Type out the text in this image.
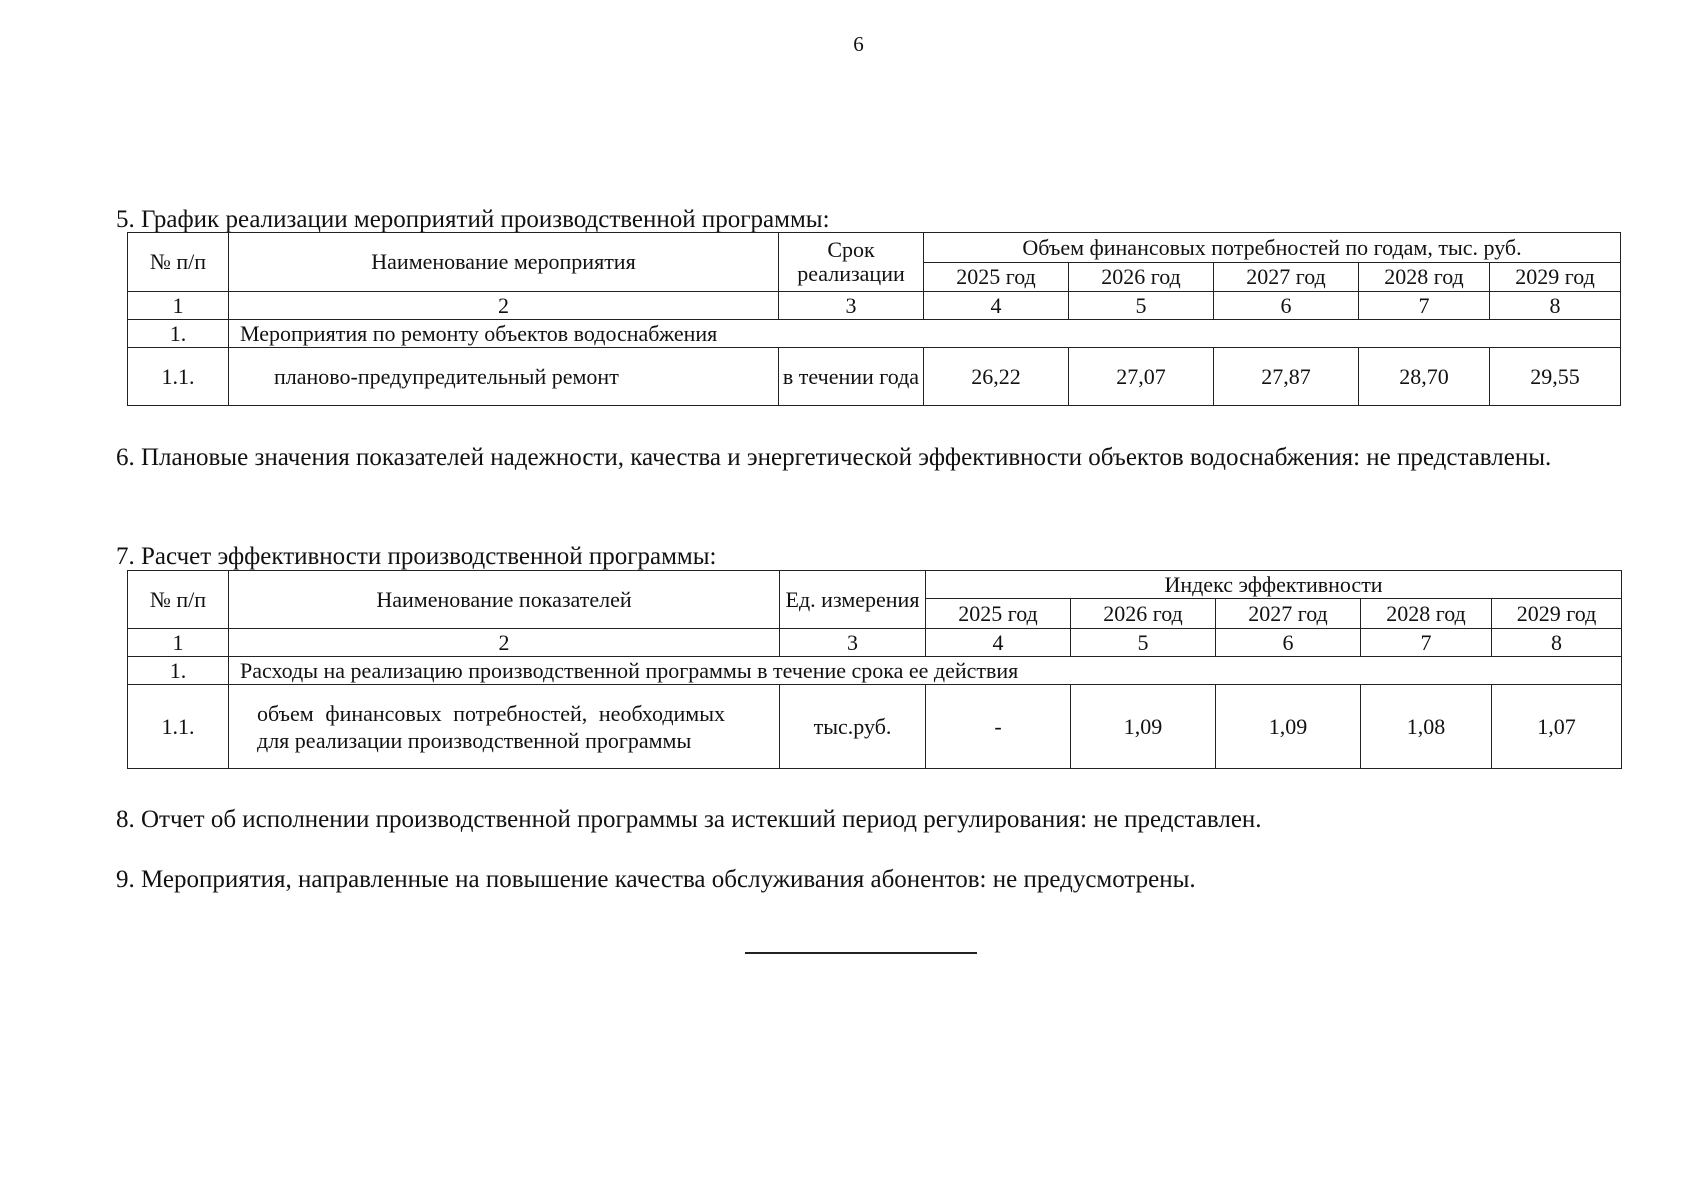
6
5. График реализации мероприятий производственной программы:
№ п/п	Наименование мероприятия	Срок реализации	Объем финансовых потребностей по годам, тыс. руб.				
			2025 год	2026 год	2027 год	2028 год	2029 год
1	2	3	4	5	6	7	8
1.	Мероприятия по ремонту объектов водоснабжения						
1.1.	планово-предупредительный ремонт	в течении года	26,22	27,07	27,87	28,70	29,55
6. Плановые значения показателей надежности, качества и энергетической эффективности объектов водоснабжения: не представлены.
7. Расчет эффективности производственной программы:
№ п/п	Наименование показателей	Ед. измерения	Индекс эффективности				
			2025 год	2026 год	2027 год	2028 год	2029 год
1	2	3	4	5	6	7	8
1.	Расходы на реализацию производственной программы в течение срока ее действия						
1.1.	объем финансовых потребностей, необходимых для реализации производственной программы	тыс.руб.	-	1,09	1,09	1,08	1,07
8. Отчет об исполнении производственной программы за истекший период регулирования: не представлен.
9. Мероприятия, направленные на повышение качества обслуживания абонентов: не предусмотрены.
